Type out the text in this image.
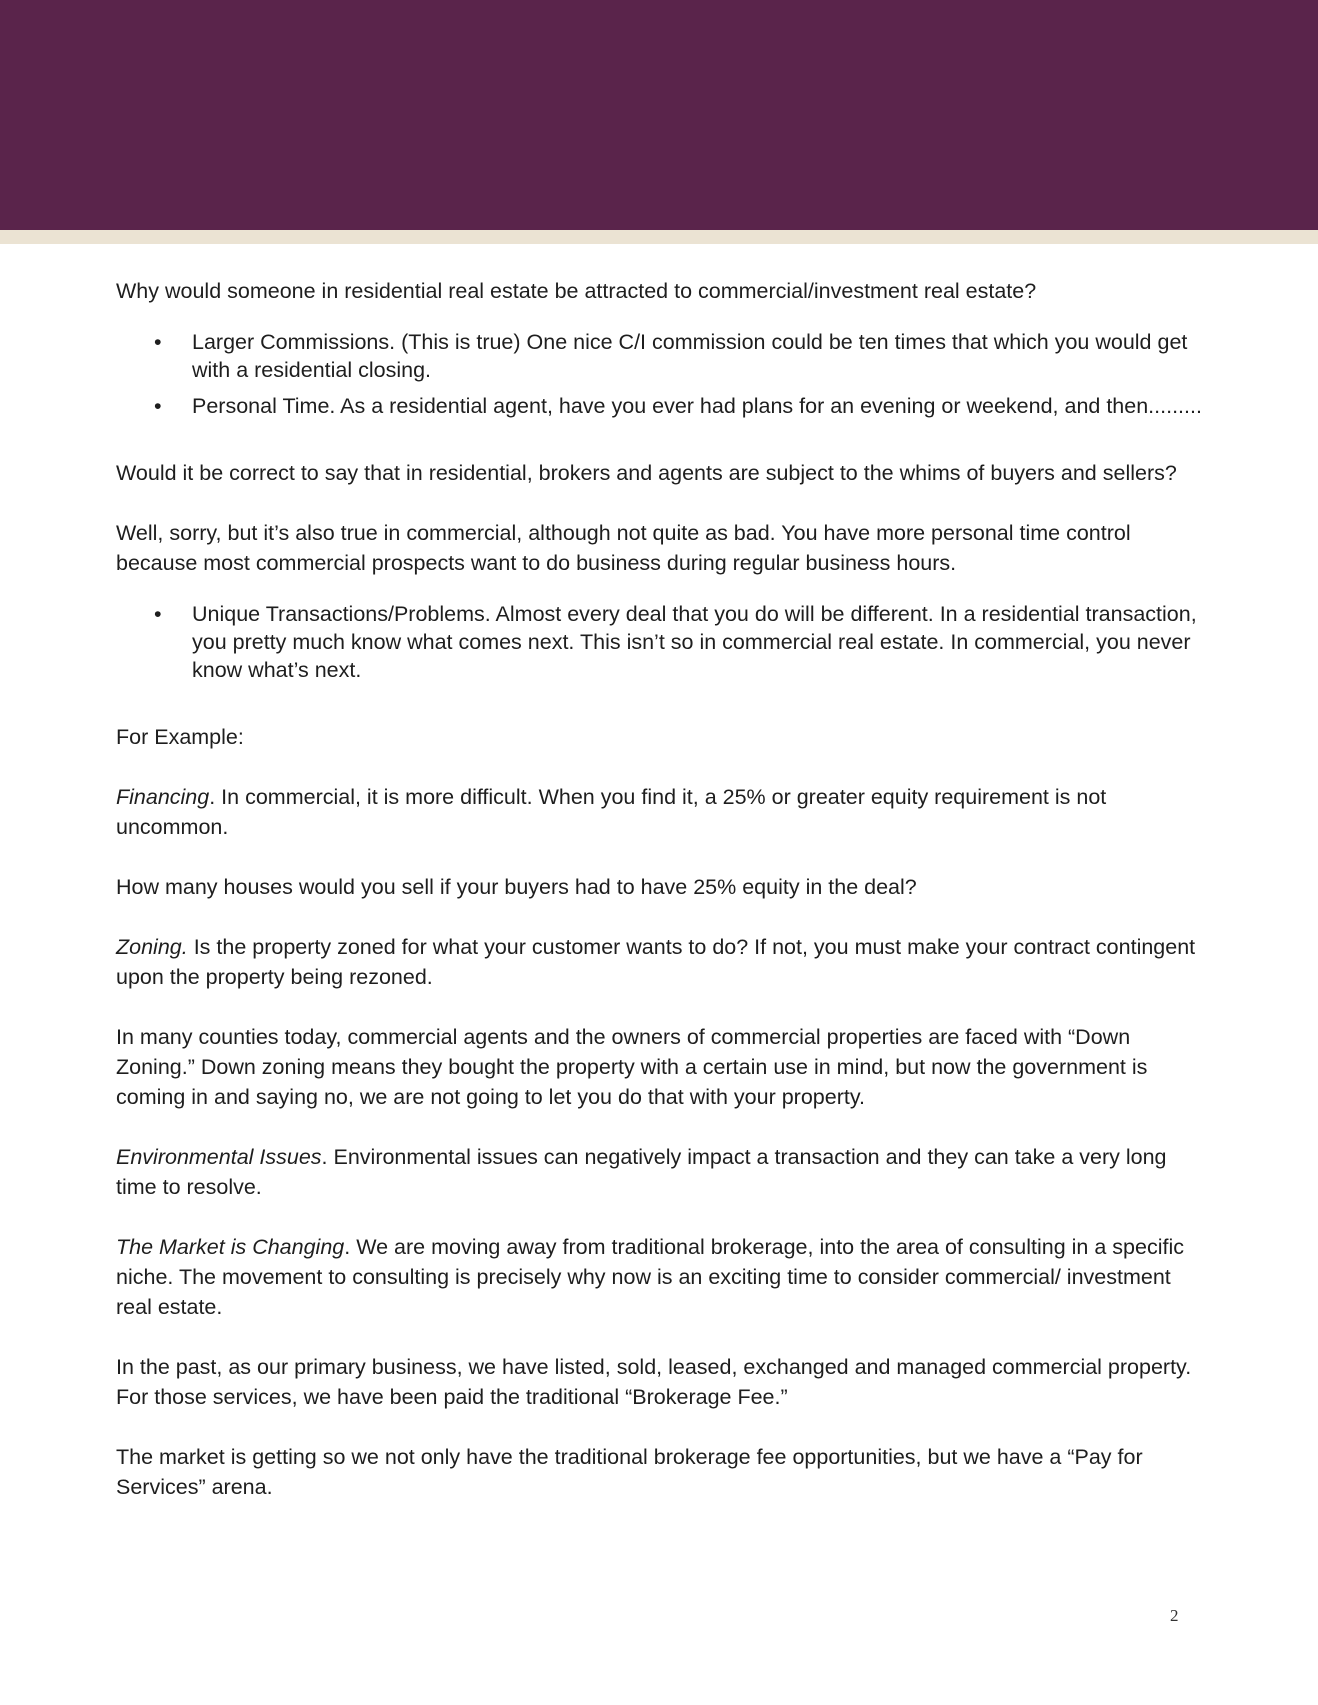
Why would someone in residential real estate be attracted to commercial/investment real estate?

• Larger Commissions. (This is true) One nice C/I commission could be ten times that which you would get with a residential closing.
• Personal Time. As a residential agent, have you ever had plans for an evening or weekend, and then.........

Would it be correct to say that in residential, brokers and agents are subject to the whims of buyers and sellers?

Well, sorry, but it’s also true in commercial, although not quite as bad. You have more personal time control because most commercial prospects want to do business during regular business hours.

• Unique Transactions/Problems. Almost every deal that you do will be different. In a residential transaction, you pretty much know what comes next. This isn’t so in commercial real estate. In commercial, you never know what’s next.

For Example:

Financing. In commercial, it is more difficult. When you find it, a 25% or greater equity requirement is not uncommon.

How many houses would you sell if your buyers had to have 25% equity in the deal?

Zoning. Is the property zoned for what your customer wants to do? If not, you must make your contract contingent upon the property being rezoned.

In many counties today, commercial agents and the owners of commercial properties are faced with “Down Zoning.” Down zoning means they bought the property with a certain use in mind, but now the government is coming in and saying no, we are not going to let you do that with your property.

Environmental Issues. Environmental issues can negatively impact a transaction and they can take a very long time to resolve.

The Market is Changing. We are moving away from traditional brokerage, into the area of consulting in a specific niche. The movement to consulting is precisely why now is an exciting time to consider commercial/ investment real estate.

In the past, as our primary business, we have listed, sold, leased, exchanged and managed commercial property. For those services, we have been paid the traditional “Brokerage Fee.”

The market is getting so we not only have the traditional brokerage fee opportunities, but we have a “Pay for Services” arena.

2
